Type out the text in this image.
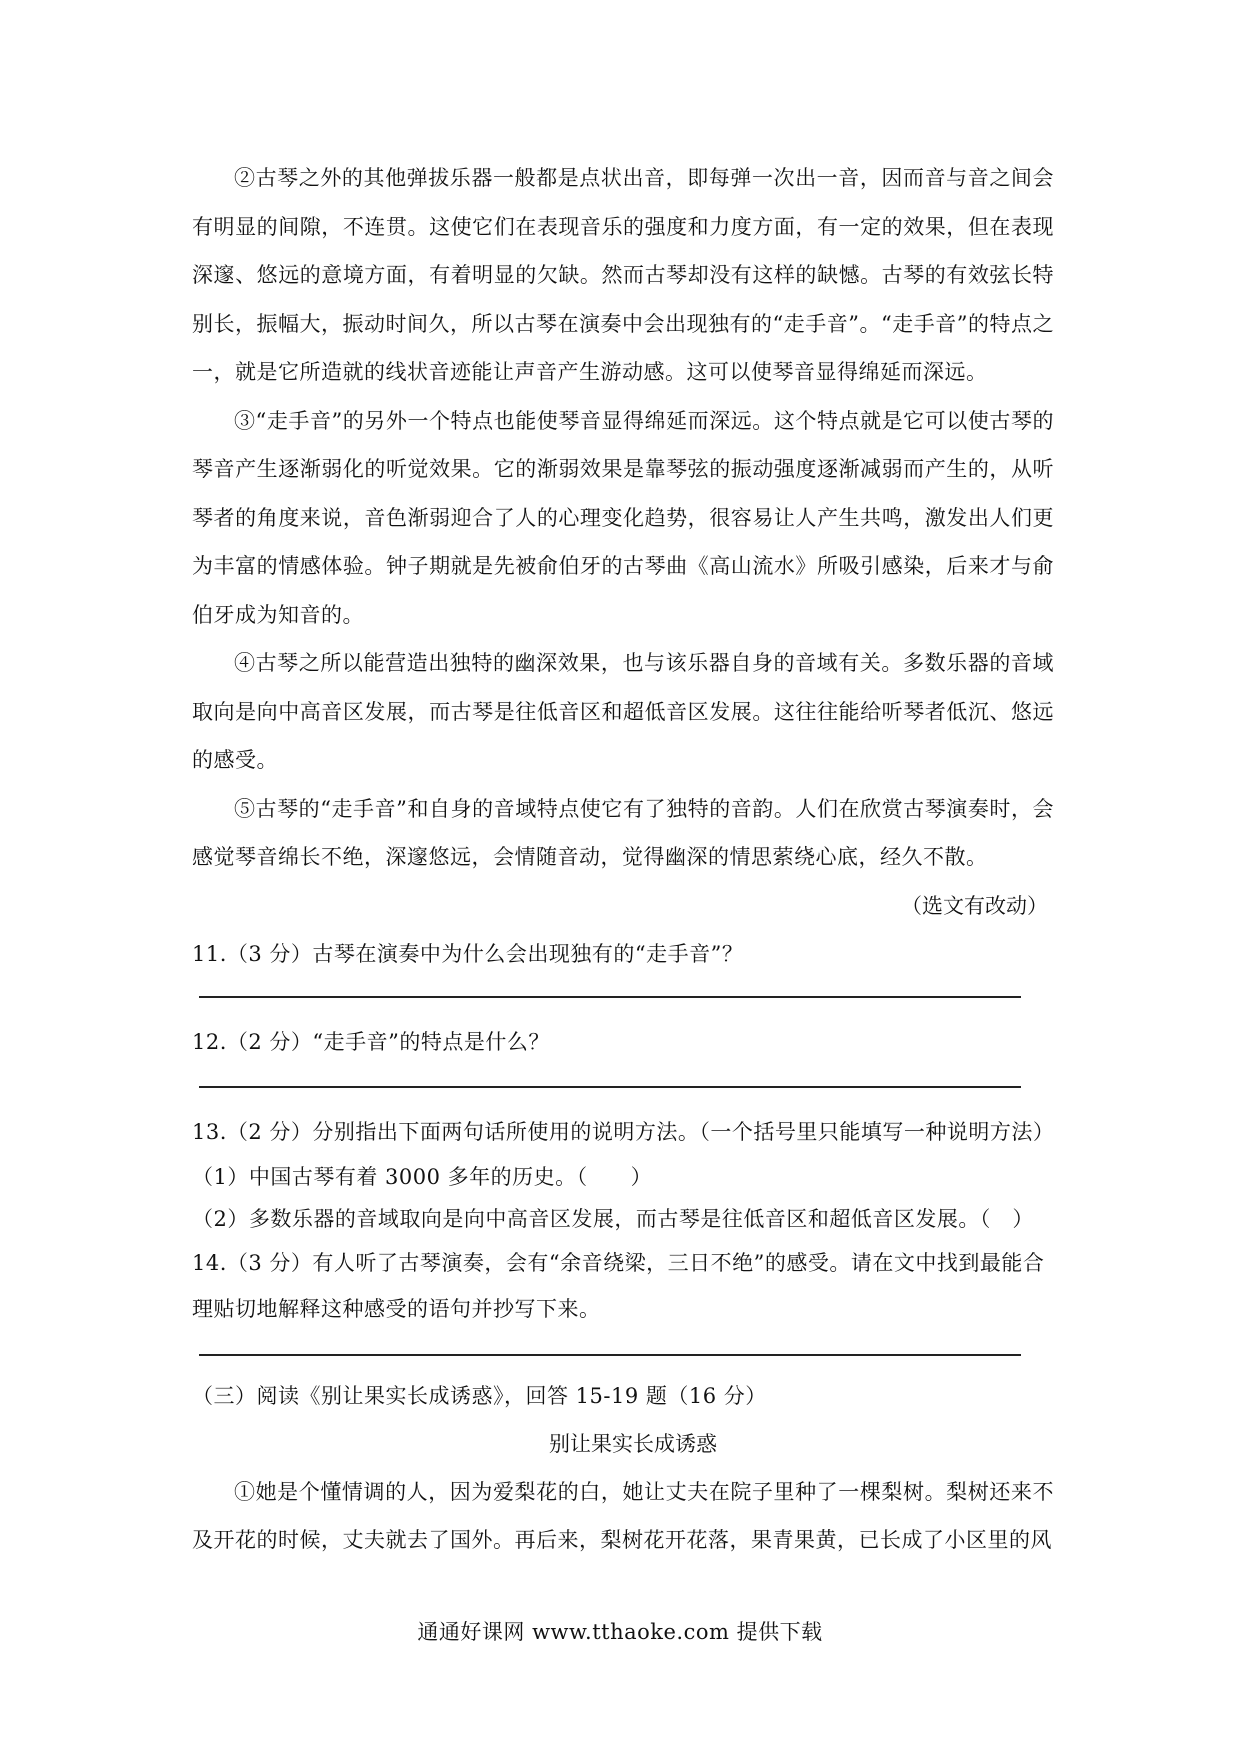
②古琴之外的其他弹拔乐器一般都是点状出音，即每弹一次出一音，因而音与音之间会有明显的间隙，不连贯。这使它们在表现音乐的强度和力度方面，有一定的效果，但在表现深邃、悠远的意境方面，有着明显的欠缺。然而古琴却没有这样的缺憾。古琴的有效弦长特别长，振幅大，振动时间久，所以古琴在演奏中会出现独有的“走手音”。“走手音”的特点之一，就是它所造就的线状音迹能让声音产生游动感。这可以使琴音显得绵延而深远。

③“走手音”的另外一个特点也能使琴音显得绵延而深远。这个特点就是它可以使古琴的琴音产生逐渐弱化的听觉效果。它的渐弱效果是靠琴弦的振动强度逐渐减弱而产生的，从听琴者的角度来说，音色渐弱迎合了人的心理变化趋势，很容易让人产生共鸣，激发出人们更为丰富的情感体验。钟子期就是先被俞伯牙的古琴曲《高山流水》所吸引感染，后来才与俞伯牙成为知音的。

④古琴之所以能营造出独特的幽深效果，也与该乐器自身的音域有关。多数乐器的音域取向是向中高音区发展，而古琴是往低音区和超低音区发展。这往往能给听琴者低沉、悠远的感受。

⑤古琴的“走手音”和自身的音域特点使它有了独特的音韵。人们在欣赏古琴演奏时，会感觉琴音绵长不绝，深邃悠远，会情随音动，觉得幽深的情思萦绕心底，经久不散。

（选文有改动）

11.（3 分）古琴在演奏中为什么会出现独有的“走手音”？

12.（2 分）“走手音”的特点是什么？

13.（2 分）分别指出下面两句话所使用的说明方法。（一个括号里只能填写一种说明方法）

（1）中国古琴有着 3000 多年的历史。（　　）

（2）多数乐器的音域取向是向中高音区发展，而古琴是往低音区和超低音区发展。（　）

14.（3 分）有人听了古琴演奏，会有“余音绕梁，三日不绝”的感受。请在文中找到最能合理贴切地解释这种感受的语句并抄写下来。

（三）阅读《别让果实长成诱惑》，回答 15-19 题（16 分）

别让果实长成诱惑

①她是个懂情调的人，因为爱梨花的白，她让丈夫在院子里种了一棵梨树。梨树还来不及开花的时候，丈夫就去了国外。再后来，梨树花开花落，果青果黄，已长成了小区里的风

通通好课网 www.tthaoke.com 提供下载
